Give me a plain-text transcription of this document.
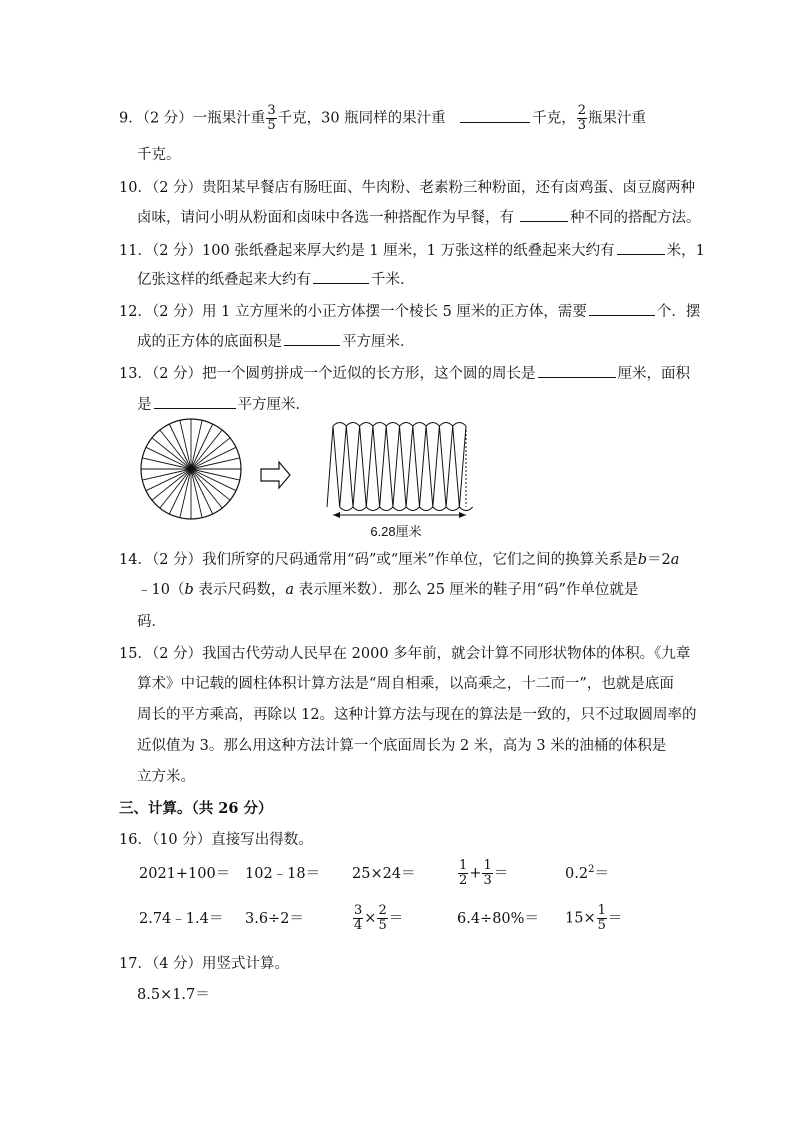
9．（2 分）一瓶果汁重 $\frac{3}{5}$ 千克，30 瓶同样的果汁重	千克， $\frac{2}{3}$ 瓶果汁重
千克。
10．（2 分）贵阳某早餐店有肠旺面、牛肉粉、老素粉三种粉面，还有卤鸡蛋、卤豆腐两种
卤味，请问小明从粉面和卤味中各选一种搭配作为早餐，有	种不同的搭配方法。
11．（2 分）100 张纸叠起来厚大约是 1 厘米，1 万张这样的纸叠起来大约有	米，1
亿张这样的纸叠起来大约有	千米．
12．（2 分）用 1 立方厘米的小正方体摆一个棱长 5 厘米的正方体，需要	个．摆
成的正方体的底面积是	平方厘米．
13．（2 分）把一个圆剪拼成一个近似的长方形，这个圆的周长是	厘米，面积
是	平方厘米．
6.28厘米
14．（2 分）我们所穿的尺码通常用“码”或“厘米”作单位，它们之间的换算关系是b＝2a
﹣10（b 表示尺码数，a 表示厘米数）．那么 25 厘米的鞋子用“码”作单位就是
码．
15．（2 分）我国古代劳动人民早在 2000 多年前，就会计算不同形状物体的体积。《九章
算术》中记载的圆柱体积计算方法是“周自相乘，以高乘之，十二而一”，也就是底面
周长的平方乘高，再除以 12。这种计算方法与现在的算法是一致的，只不过取圆周率的
近似值为 3。那么用这种方法计算一个底面周长为 2 米，高为 3 米的油桶的体积是
立方米。
三、计算。（共 26 分）
16．（10 分）直接写出得数。
2021+100＝ 102﹣18＝ 25×24＝	$\frac{1}{2} + \frac{1}{3}$ ＝	$0.2^2=$
2.74﹣1.4＝ 3.6÷2＝	$\frac{3}{4} \times \frac{2}{5}$ ＝	$6.4\div 80\%= 15\times \frac{1}{5}$ ＝
17．（4 分）用竖式计算。
8.5×1.7＝
